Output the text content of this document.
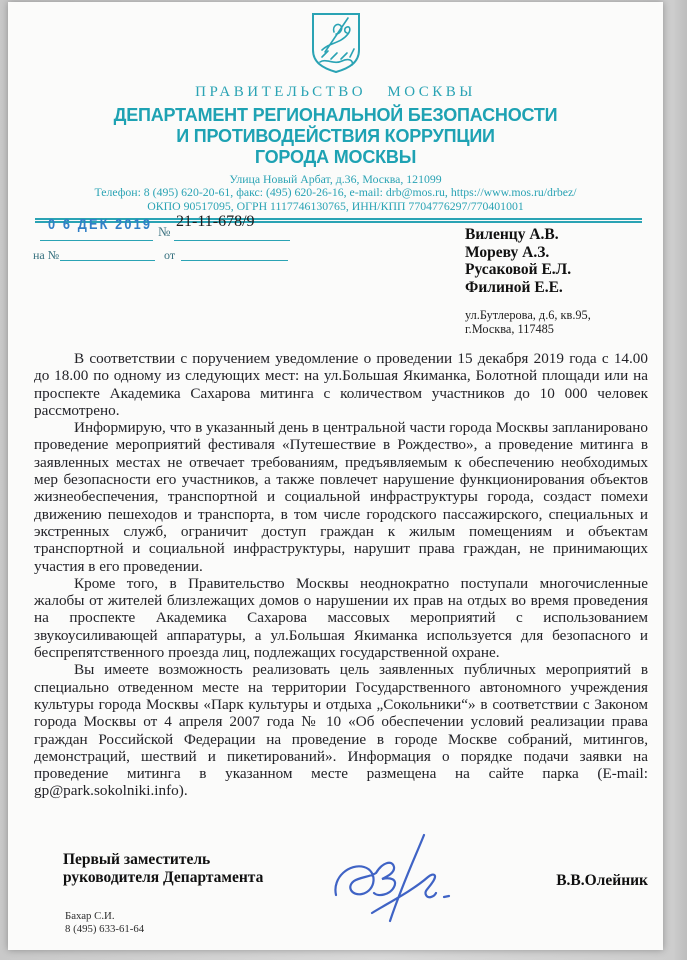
ПРАВИТЕЛЬСТВО МОСКВЫ
ДЕПАРТАМЕНТ РЕГИОНАЛЬНОЙ БЕЗОПАСНОСТИ
И ПРОТИВОДЕЙСТВИЯ КОРРУПЦИИ
ГОРОДА МОСКВЫ
Улица Новый Арбат, д.36, Москва, 121099
Телефон: 8 (495) 620-20-61, факс: (495) 620-26-16, e-mail: drb@mos.ru, https://www.mos.ru/drbez/
ОКПО 90517095, ОГРН 1117746130765, ИНН/КПП 7704776297/770401001
0 6 ДЕК 2019 №
21-11-678/9
на №	от
Виленцу А.В.
Мореву А.З.
Русаковой Е.Л.
Филиной Е.Е.
ул.Бутлерова, д.6, кв.95,
г.Москва, 117485

В соответствии с поручением уведомление о проведении 15 декабря 2019 года с 14.00 до 18.00 по одному из следующих мест: на ул.Большая Якиманка, Болотной площади или на проспекте Академика Сахарова митинга с количеством участников до 10 000 человек рассмотрено.

Информирую, что в указанный день в центральной части города Москвы запланировано проведение мероприятий фестиваля «Путешествие в Рождество», а проведение митинга в заявленных местах не отвечает требованиям, предъявляемым к обеспечению необходимых мер безопасности его участников, а также повлечет нарушение функционирования объектов жизнеобеспечения, транспортной и социальной инфраструктуры города, создаст помехи движению пешеходов и транспорта, в том числе городского пассажирского, специальных и экстренных служб, ограничит доступ граждан к жилым помещениям и объектам транспортной и социальной инфраструктуры, нарушит права граждан, не принимающих участия в его проведении.

Кроме того, в Правительство Москвы неоднократно поступали многочисленные жалобы от жителей близлежащих домов о нарушении их прав на отдых во время проведения на проспекте Академика Сахарова массовых мероприятий с использованием звукоусиливающей аппаратуры, а ул.Большая Якиманка используется для безопасного и беспрепятственного проезда лиц, подлежащих государственной охране.

Вы имеете возможность реализовать цель заявленных публичных мероприятий в специально отведенном месте на территории Государственного автономного учреждения культуры города Москвы «Парк культуры и отдыха „Сокольники“» в соответствии с Законом города Москвы от 4 апреля 2007 года № 10 «Об обеспечении условий реализации права граждан Российской Федерации на проведение в городе Москве собраний, митингов, демонстраций, шествий и пикетирований». Информация о порядке подачи заявки на проведение митинга в указанном месте размещена на сайте парка (E-mail: gp@park.sokolniki.info).

Первый заместитель
руководителя Департамента	В.В.Олейник
Бахар С.И.
8 (495) 633-61-64
